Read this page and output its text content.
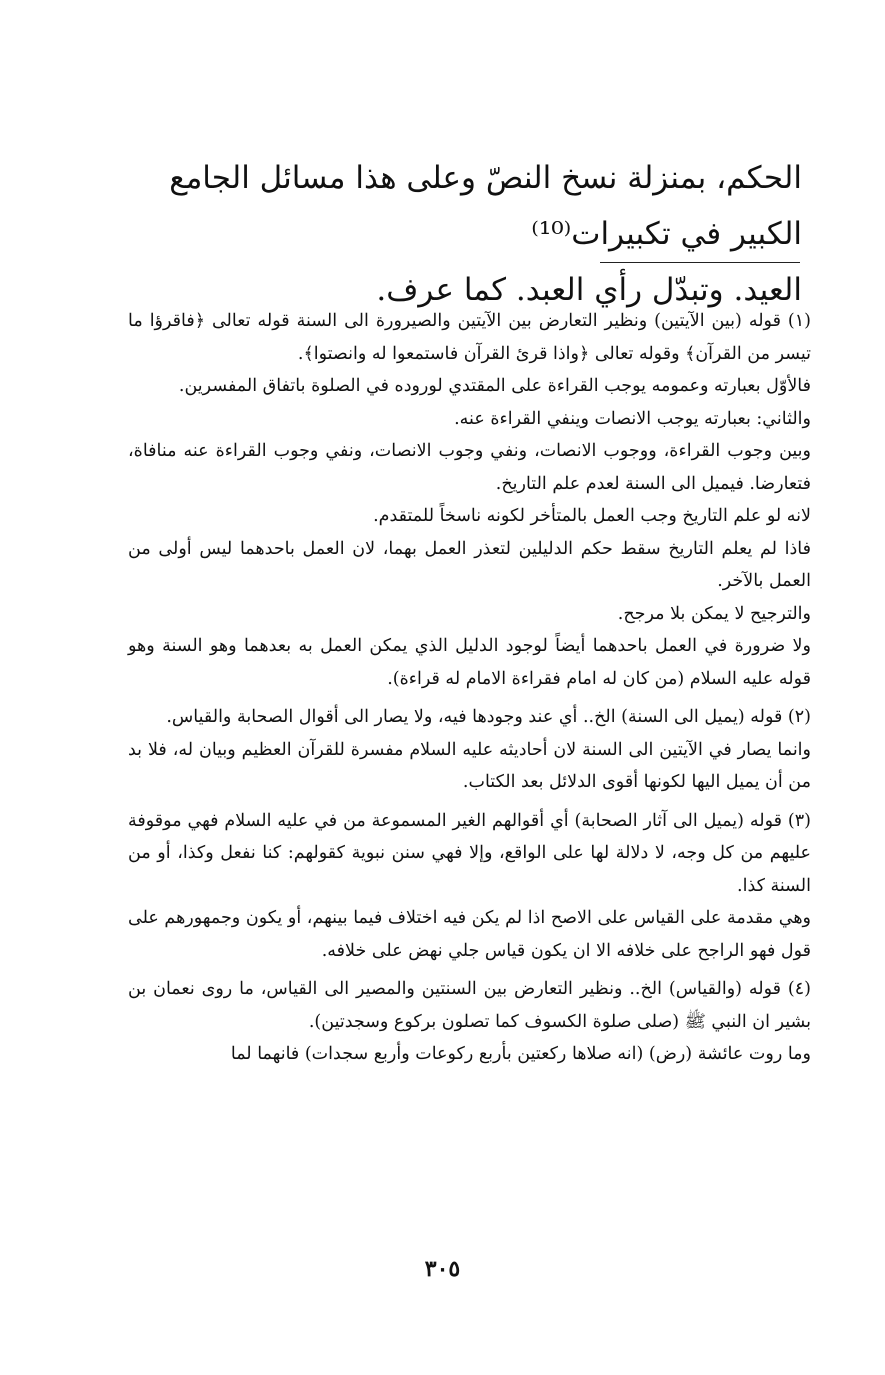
الحكم، بمنزلة نسخ النصّ وعلى هذا مسائل الجامع الكبير في تكبيرات⁽¹⁰⁾

العيد. وتبدّل رأي العبد. كما عرف.

(١) قوله (بين الآيتين) ونظير التعارض بين الآيتين والصيرورة الى السنة قوله تعالى ﴿فاقرؤا ما تيسر من القرآن﴾ وقوله تعالى ﴿واذا قرئ القرآن فاستمعوا له وانصتوا﴾.

فالأوّل بعبارته وعمومه يوجب القراءة على المقتدي لوروده في الصلوة باتفاق المفسرين.

والثاني: بعبارته يوجب الانصات وينفي القراءة عنه.

وبين وجوب القراءة، ووجوب الانصات، ونفي وجوب الانصات، ونفي وجوب القراءة عنه منافاة، فتعارضا. فيميل الى السنة لعدم علم التاريخ.

لانه لو علم التاريخ وجب العمل بالمتأخر لكونه ناسخاً للمتقدم.

فاذا لم يعلم التاريخ سقط حكم الدليلين لتعذر العمل بهما، لان العمل باحدهما ليس أولى من العمل بالآخر.

والترجيح لا يمكن بلا مرجح.

ولا ضرورة في العمل باحدهما أيضاً لوجود الدليل الذي يمكن العمل به بعدهما وهو السنة وهو قوله عليه السلام (من كان له امام فقراءة الامام له قراءة).

(٢) قوله (يميل الى السنة) الخ.. أي عند وجودها فيه، ولا يصار الى أقوال الصحابة والقياس.

وانما يصار في الآيتين الى السنة لان أحاديثه عليه السلام مفسرة للقرآن العظيم وبيان له، فلا بد من أن يميل اليها لكونها أقوى الدلائل بعد الكتاب.

(٣) قوله (يميل الى آثار الصحابة) أي أقوالهم الغير المسموعة من في عليه السلام فهي موقوفة عليهم من كل وجه، لا دلالة لها على الواقع، وإلا فهي سنن نبوية كقولهم: كنا نفعل وكذا، أو من السنة كذا.

وهي مقدمة على القياس على الاصح اذا لم يكن فيه اختلاف فيما بينهم، أو يكون وجمهورهم على قول فهو الراجح على خلافه الا ان يكون قياس جلي نهض على خلافه.

(٤) قوله (والقياس) الخ.. ونظير التعارض بين السنتين والمصير الى القياس، ما روى نعمان بن بشير ان النبي ﷺ (صلى صلوة الكسوف كما تصلون بركوع وسجدتين).

وما روت عائشة (رض) (انه صلاها ركعتين بأربع ركوعات وأربع سجدات) فانهما لما

٣٠٥
